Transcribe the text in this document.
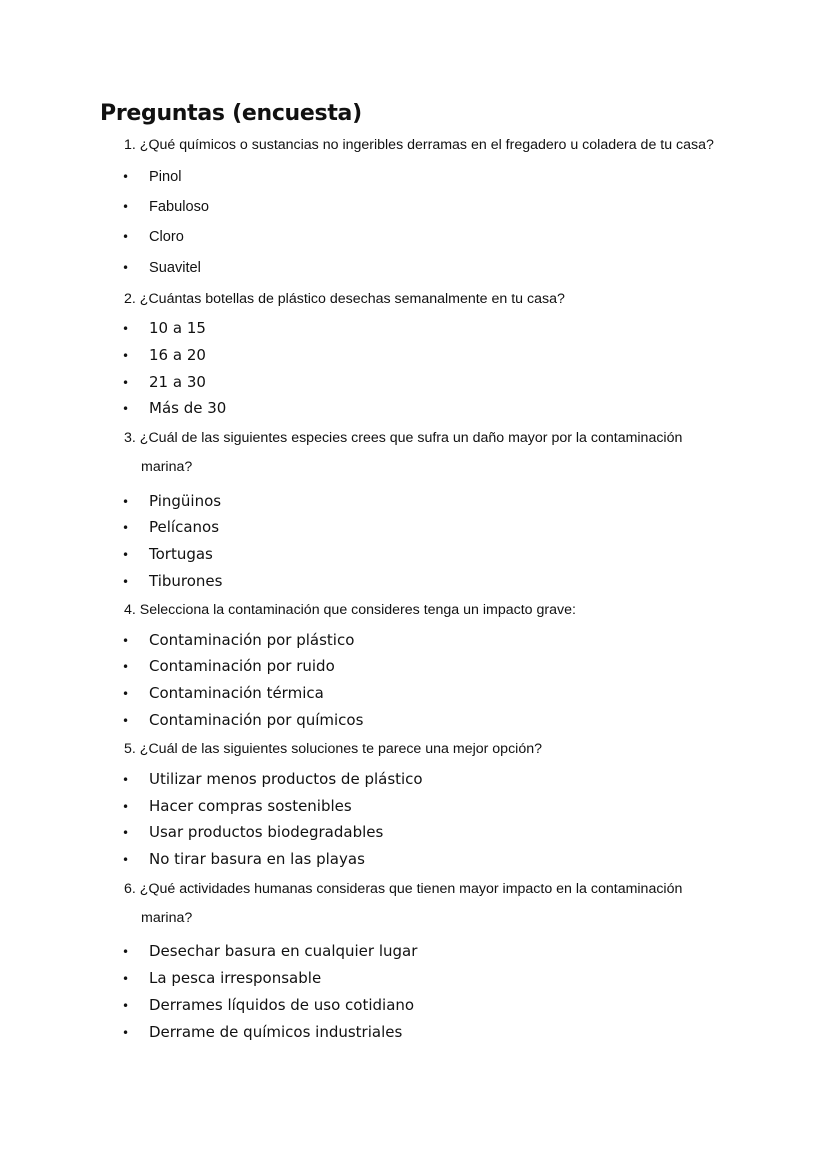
Preguntas (encuesta)

1. ¿Qué químicos o sustancias no ingeribles derramas en el fregadero u coladera de tu casa?

• Pinol
• Fabuloso
• Cloro
• Suavitel

2. ¿Cuántas botellas de plástico desechas semanalmente en tu casa?

• 10 a 15
• 16 a 20
• 21 a 30
• Más de 30

3. ¿Cuál de las siguientes especies crees que sufra un daño mayor por la contaminación
marina?

• Pingüinos
• Pelícanos
• Tortugas
• Tiburones

4. Selecciona la contaminación que consideres tenga un impacto grave:

• Contaminación por plástico
• Contaminación por ruido
• Contaminación térmica
• Contaminación por químicos

5. ¿Cuál de las siguientes soluciones te parece una mejor opción?

• Utilizar menos productos de plástico
• Hacer compras sostenibles
• Usar productos biodegradables
• No tirar basura en las playas

6. ¿Qué actividades humanas consideras que tienen mayor impacto en la contaminación
marina?

• Desechar basura en cualquier lugar
• La pesca irresponsable
• Derrames líquidos de uso cotidiano
• Derrame de químicos industriales
